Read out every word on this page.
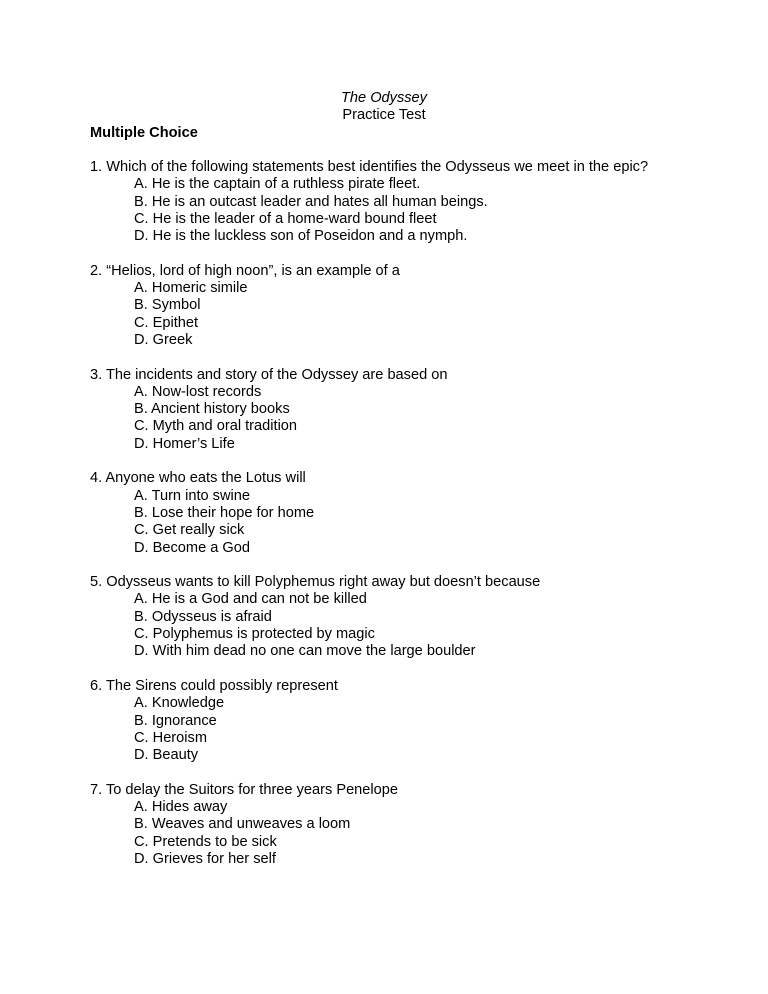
The Odyssey
Practice Test
Multiple Choice
1. Which of the following statements best identifies the Odysseus we meet in the epic?
A. He is the captain of a ruthless pirate fleet.
B. He is an outcast leader and hates all human beings.
C. He is the leader of a home-ward bound fleet
D. He is the luckless son of Poseidon and a nymph.
2. “Helios, lord of high noon”, is an example of a
A. Homeric simile
B. Symbol
C. Epithet
D. Greek
3. The incidents and story of the Odyssey are based on
A. Now-lost records
B. Ancient history books
C. Myth and oral tradition
D. Homer’s Life
4. Anyone who eats the Lotus will
A. Turn into swine
B. Lose their hope for home
C. Get really sick
D. Become a God
5. Odysseus wants to kill Polyphemus right away but doesn’t because
A. He is a God and can not be killed
B. Odysseus is afraid
C. Polyphemus is protected by magic
D. With him dead no one can move the large boulder
6. The Sirens could possibly represent
A. Knowledge
B. Ignorance
C. Heroism
D. Beauty
7. To delay the Suitors for three years Penelope
A. Hides away
B. Weaves and unweaves a loom
C. Pretends to be sick
D. Grieves for her self
